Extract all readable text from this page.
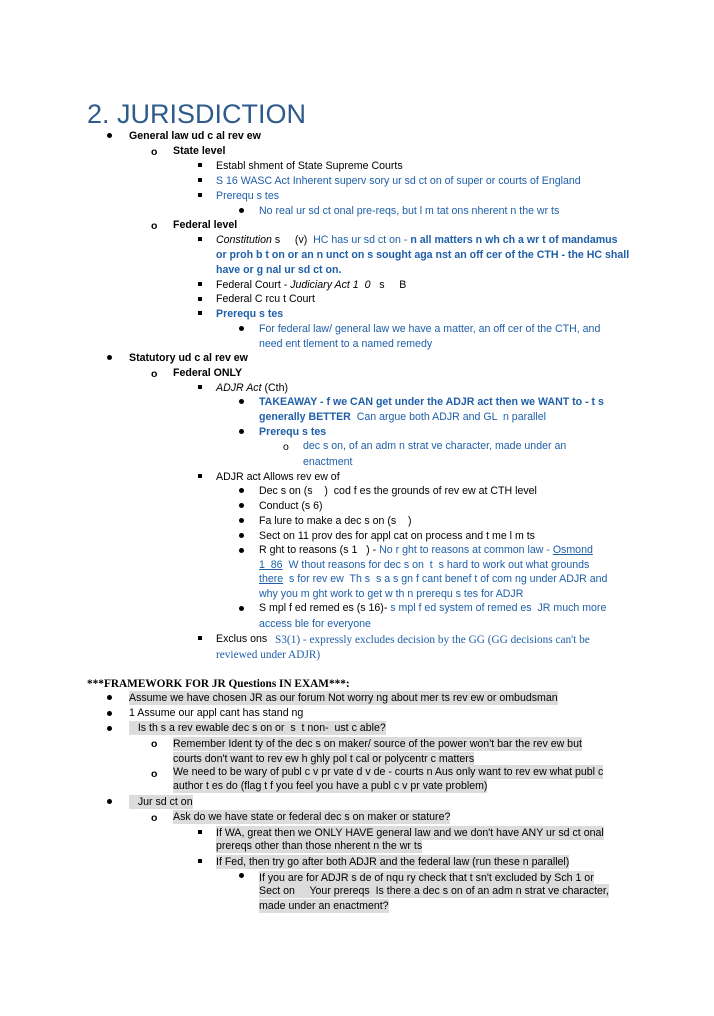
2. JURISDICTION
General law ud c al rev ew
o State level
Establ shment of State Supreme Courts
S 16 WASC Act Inherent superv sory ur sd ct on of super or courts of England
Prerequ s tes
No real ur sd ct onal pre-reqs, but l m tat ons nherent n the wr ts
o Federal level
Constitution s     (v)  HC has ur sd ct on - n all matters n wh ch a wr t of mandamus
or proh b t on or an n unct on s sought aga nst an off cer of the CTH - the HC shall
have or g nal ur sd ct on.
Federal Court - Judiciary Act 1  0   s     B
Federal C rcu t Court
Prerequ s tes
For federal law/ general law we have a matter, an off cer of the CTH, and
need ent tlement to a named remedy
Statutory ud c al rev ew
o Federal ONLY
ADJR Act (Cth)
TAKEAWAY - f we CAN get under the ADJR act then we WANT to - t s
generally BETTER  Can argue both ADJR and GL  n parallel
Prerequ s tes
o dec s on, of an adm n strat ve character, made under an
enactment
ADJR act Allows rev ew of
Dec s on (s    )  cod f es the grounds of rev ew at CTH level
Conduct (s 6)
Fa lure to make a dec s on (s    )
Sect on 11 prov des for appl cat on process and t me l m ts
R ght to reasons (s 1   ) - No r ght to reasons at common law - Osmond
1  86  W thout reasons for dec s on  t  s hard to work out what grounds
there  s for rev ew  Th s  s a s gn f cant benef t of com ng under ADJR and
why you m ght work to get w th n prerequ s tes for ADJR
S mpl f ed remed es (s 16)- s mpl f ed system of remed es  JR much more
access ble for everyone
Exclus ons S3(1) - expressly excludes decision by the GG (GG decisions can't be
reviewed under ADJR)
***FRAMEWORK FOR JR Questions IN EXAM***:
Assume we have chosen JR as our forum Not worry ng about mer ts rev ew or ombudsman
1 Assume our appl cant has stand ng
Is th s a rev ewable dec s on or  s  t non-  ust c able?
o Remember Ident ty of the dec s on maker/ source of the power won't bar the rev ew but
courts don't want to rev ew h ghly pol t cal or polycentr c matters
o We need to be wary of publ c v pr vate d v de - courts n Aus only want to rev ew what publ c
author t es do (flag t f you feel you have a publ c v pr vate problem)
Jur sd ct on
o Ask do we have state or federal dec s on maker or stature?
If WA, great then we ONLY HAVE general law and we don't have ANY ur sd ct onal
prereqs other than those nherent n the wr ts
If Fed, then try go after both ADJR and the federal law (run these n parallel)
If you are for ADJR s de of nqu ry check that t sn't excluded by Sch 1 or
Sect on     Your prereqs  Is there a dec s on of an adm n strat ve character,
made under an enactment?
